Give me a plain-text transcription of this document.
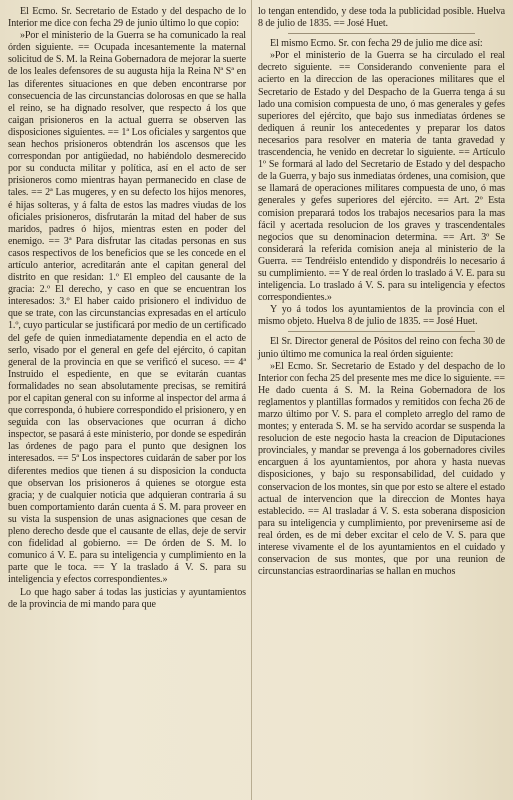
El Ecmo. Sr. Secretario de Estado y del despacho de lo Interior me dice con fecha 29 de junio último lo que copio:

»Por el ministerio de la Guerra se ha comunicado la real órden siguiente. == Ocupada incesantemente la maternal solicitud de S. M. la Reina Gobernadora de mejorar la suerte de los leales defensores de su augusta hija la Reina Nª Sª en las diferentes situaciones en que deben encontrarse por consecuencia de las circunstancias dolorosas en que se halla el reino, se ha dignado resolver, que respecto á los que caigan prisioneros en la actual guerra se observen las disposiciones siguientes. == 1ª Los oficiales y sargentos que sean hechos prisioneros obtendrán los ascensos que les correspondan por antigüedad, no habiéndolo desmerecido por su conducta militar y política, así en el acto de ser prisioneros como mientras hayan permanecido en clase de tales. == 2ª Las mugeres, y en su defecto los hijos menores, é hijas solteras, y á falta de estos las madres viudas de los oficiales prisioneros, disfrutarán la mitad del haber de sus maridos, padres ó hijos, mientras esten en poder del enemigo. == 3ª Para disfrutar las citadas personas en sus casos respectivos de los beneficios que se les concede en el artículo anterior, acreditarán ante el capitan general del distrito en que residan: 1.º El empleo del causante de la gracia: 2.º El derecho, y caso en que se encuentran los interesados: 3.º El haber caido prisionero el individuo de que se trate, con las circunstancias expresadas en el artículo 1.º, cuyo particular se justificará por medio de un certificado del gefe de quien inmediatamente dependia en el acto de serlo, visado por el general en gefe del ejército, ó capitan general de la provincia en que se verificó el suceso. == 4ª Instruido el espediente, en que se evitarán cuantas formalidades no sean absolutamente precisas, se remitirá por el capitan general con su informe al inspector del arma á que corresponda, ó hubiere correspondido el prisionero, y en seguida con las observaciones que ocurran á dicho inspector, se pasará á este ministerio, por donde se espedirán las órdenes de pago para el punto que designen los interesados. == 5ª Los inspectores cuidarán de saber por los diferentes medios que tienen á su disposicion la conducta que observan los prisioneros á quienes se otorgue esta gracia; y de cualquier noticia que adquieran contraria á su buen comportamiento darán cuenta á S. M. para proveer en su vista la suspension de unas asignaciones que cesan de pleno derecho desde que el causante de ellas, deje de servir con fidelidad al gobierno. == De órden de S. M. lo comunico á V. E. para su inteligencia y cumplimiento en la parte que le toca. == Y la traslado á V. S. para su inteligencia y efectos correspondientes.»

Lo que hago saber á todas las justicias y ayuntamientos de la provincia de mi mando para que

lo tengan entendido, y dese toda la publicidad posible. Huelva 8 de julio de 1835. == José Huet.

El mismo Ecmo. Sr. con fecha 29 de julio me dice así:

»Por el ministerio de la Guerra se ha circulado el real decreto siguiente. == Considerando conveniente para el acierto en la direccion de las operaciones militares que el Secretario de Estado y del Despacho de la Guerra tenga á su lado una comision compuesta de uno, ó mas generales y gefes superiores del ejército, que bajo sus inmediatas órdenes se dediquen á reunir los antecedentes y preparar los datos necesarios para resolver en materia de tanta gravedad y trascendencia, he venido en decretar lo siguiente. == Artículo 1º Se formará al lado del Secretario de Estado y del despacho de la Guerra, y bajo sus inmediatas órdenes, una comision, que se llamará de operaciones militares compuesta de uno, ó mas generales y gefes superiores del ejército. == Art. 2º Esta comision preparará todos los trabajos necesarios para la mas fácil y acertada resolucion de los graves y trascendentales negocios que su denominacion determina. == Art. 3º Se considerará la referida comision aneja al ministerio de la Guerra. == Tendréislo entendido y dispondréis lo necesario á su cumplimiento. == Y de real órden lo traslado á V. E. para su inteligencia. Lo traslado á V. S. para su inteligencia y efectos correspondientes.»

Y yo á todos los ayuntamientos de la provincia con el mismo objeto. Huelva 8 de julio de 1835. == José Huet.

El Sr. Director general de Pósitos del reino con fecha 30 de junio último me comunica la real órden siguiente:

»El Ecmo. Sr. Secretario de Estado y del despacho de lo Interior con fecha 25 del presente mes me dice lo siguiente. == He dado cuenta á S. M. la Reina Gobernadora de los reglamentos y plantillas formados y remitidos con fecha 26 de marzo último por V. S. para el completo arreglo del ramo de montes; y enterada S. M. se ha servido acordar se suspenda la resolucion de este negocio hasta la creacion de Diputaciones provinciales, y mandar se prevenga á los gobernadores civiles encarguen á los ayuntamientos, por ahora y hasta nuevas disposiciones, y bajo su responsabilidad, del cuidado y conservacion de los montes, sin que por esto se altere el estado actual de intervencion que la direccion de Montes haya establecido. == Al trasladar á V. S. esta soberana disposicion para su inteligencia y cumplimiento, por prevenirseme así de real órden, es de mi deber excitar el celo de V. S. para que interese vivamente el de los ayuntamientos en el cuidado y conservacion de sus montes, que por una reunion de circunstancias estraordinarias se hallan en muchos
